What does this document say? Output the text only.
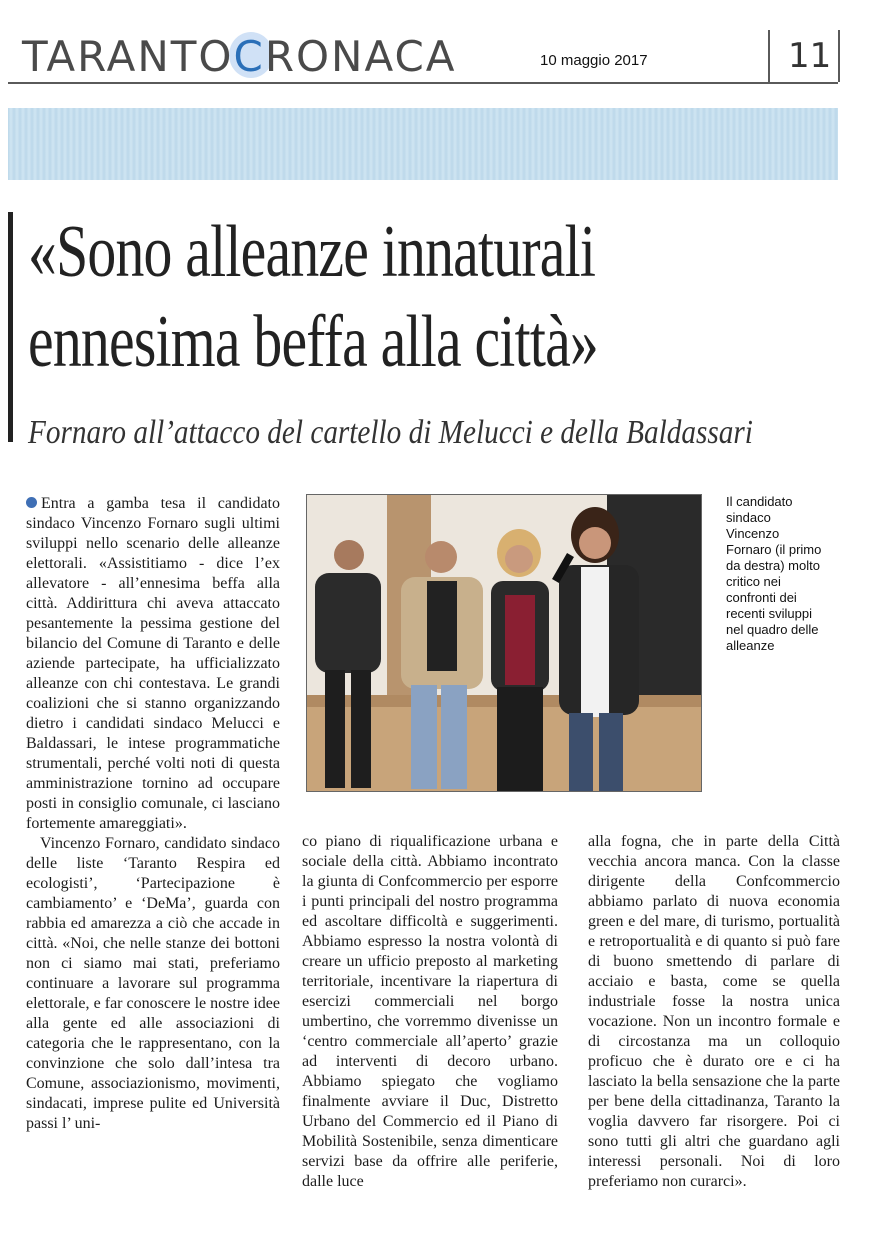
TARANTOCRONACA	10 maggio 2017	11
«Sono alleanze innaturali
ennesima beffa alla città»
Fornaro all’attacco del cartello di Melucci e della Baldassari

Entra a gamba tesa il candidato sindaco Vincenzo Fornaro sugli ultimi sviluppi nello scenario delle alleanze elettorali. «Assistitiamo - dice l’ex allevatore - all’ennesima beffa alla città. Addirittura chi aveva attaccato pesantemente la pessima gestione del bilancio del Comune di Taranto e delle aziende partecipate, ha ufficializzato alleanze con chi contestava. Le grandi coalizioni che si stanno organizzando dietro i candidati sindaco Melucci e Baldassari, le intese programmatiche strumentali, perché volti noti di questa amministrazione tornino ad occupare posti in consiglio comunale, ci lasciano fortemente amareggiati».

Vincenzo Fornaro, candidato sindaco delle liste ‘Taranto Respira ed ecologisti’, ‘Partecipazione è cambiamento’ e ‘DeMa’, guarda con rabbia ed amarezza a ciò che accade in città. «Noi, che nelle stanze dei bottoni non ci siamo mai stati, preferiamo continuare a lavorare sul programma elettorale, e far conoscere le nostre idee alla gente ed alle associazioni di categoria che le rappresentano, con la convinzione che solo dall’intesa tra Comune, associazionismo, movimenti, sindacati, imprese pulite ed Università passi l’ uni-

Il candidato
sindaco
Vincenzo
Fornaro (il primo
da destra) molto
critico nei
confronti dei
recenti sviluppi
nel quadro delle
alleanze

co piano di riqualificazione urbana e sociale della città. Abbiamo incontrato la giunta di Confcommercio per esporre i punti principali del nostro programma ed ascoltare difficoltà e suggerimenti. Abbiamo espresso la nostra volontà di creare un ufficio preposto al marketing territoriale, incentivare la riapertura di esercizi commerciali nel borgo umbertino, che vorremmo divenisse un ‘centro commerciale all’aperto’ grazie ad interventi di decoro urbano. Abbiamo spiegato che vogliamo finalmente avviare il Duc, Distretto Urbano del Commercio ed il Piano di Mobilità Sostenibile, senza dimenticare servizi base da offrire alle periferie, dalle luce

alla fogna, che in parte della Città vecchia ancora manca. Con la classe dirigente della Confcommercio abbiamo parlato di nuova economia green e del mare, di turismo, portualità e retroportualità e di quanto si può fare di buono smettendo di parlare di acciaio e basta, come se quella industriale fosse la nostra unica vocazione. Non un incontro formale e di circostanza ma un colloquio proficuo che è durato ore e ci ha lasciato la bella sensazione che la parte per bene della cittadinanza, Taranto la voglia davvero far risorgere. Poi ci sono tutti gli altri che guardano agli interessi personali. Noi di loro preferiamo non curarci».
